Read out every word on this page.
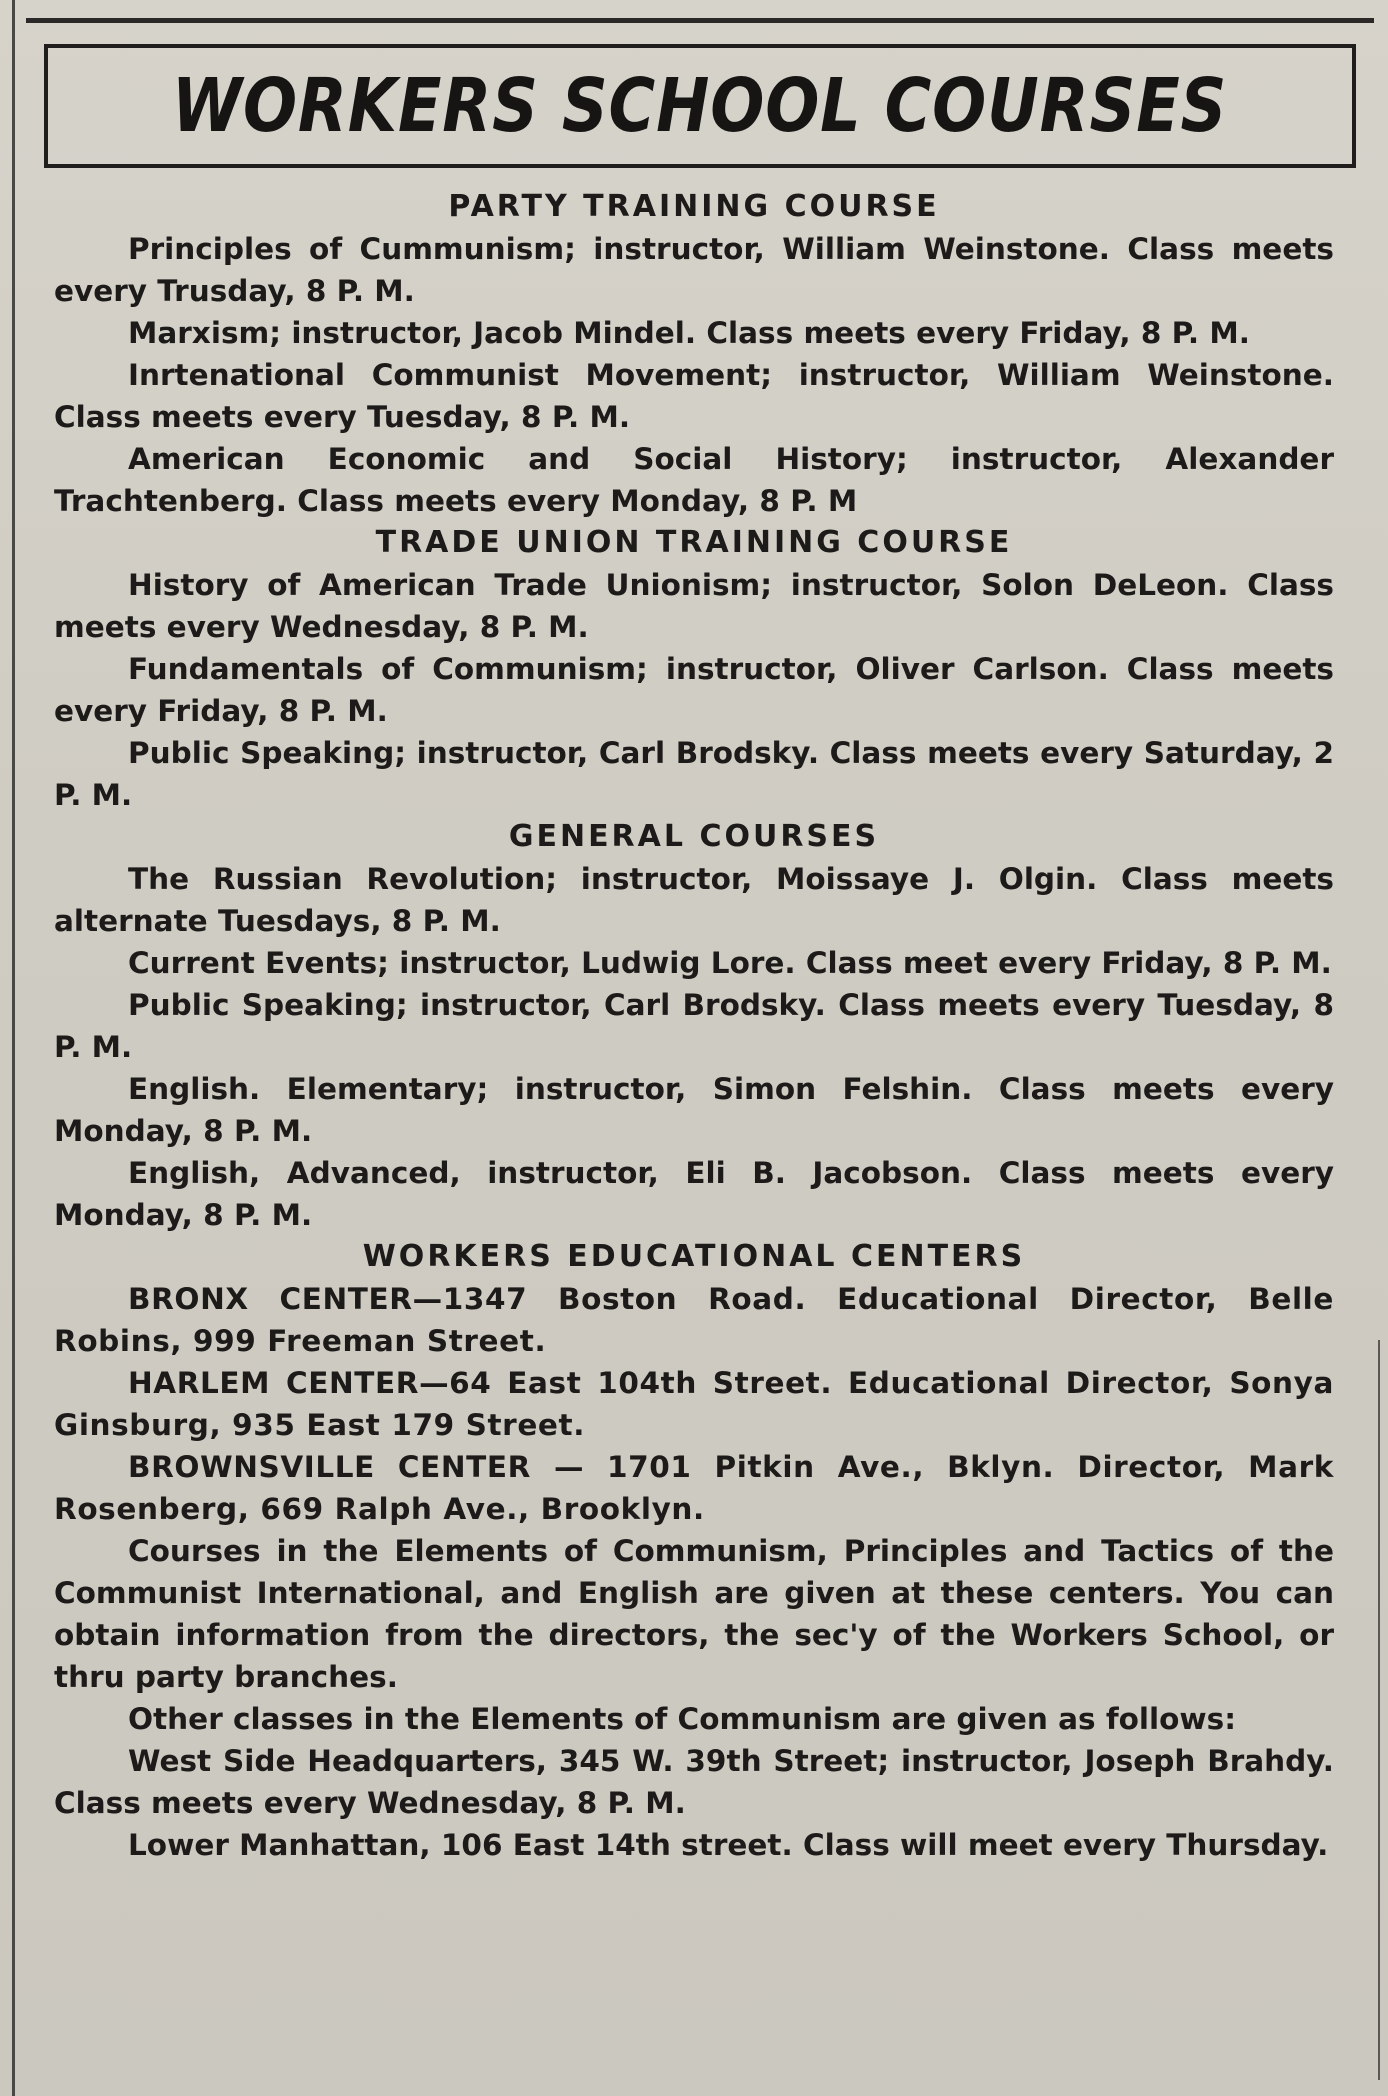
WORKERS SCHOOL COURSES

PARTY TRAINING COURSE

Principles of Cummunism; instructor, William Weinstone. Class meets every Trusday, 8 P. M.

Marxism; instructor, Jacob Mindel. Class meets every Friday, 8 P. M.

Inrtenational Communist Movement; instructor, William Weinstone. Class meets every Tuesday, 8 P. M.

American Economic and Social History; instructor, Alexander Trachtenberg. Class meets every Monday, 8 P. M

TRADE UNION TRAINING COURSE

History of American Trade Unionism; instructor, Solon DeLeon. Class meets every Wednesday, 8 P. M.

Fundamentals of Communism; instructor, Oliver Carlson. Class meets every Friday, 8 P. M.

Public Speaking; instructor, Carl Brodsky. Class meets every Saturday, 2 P. M.

GENERAL COURSES

The Russian Revolution; instructor, Moissaye J. Olgin. Class meets alternate Tuesdays, 8 P. M.

Current Events; instructor, Ludwig Lore. Class meet every Friday, 8 P. M.

Public Speaking; instructor, Carl Brodsky. Class meets every Tuesday, 8 P. M.

English. Elementary; instructor, Simon Felshin. Class meets every Monday, 8 P. M.

English, Advanced, instructor, Eli B. Jacobson. Class meets every Monday, 8 P. M.

WORKERS EDUCATIONAL CENTERS

BRONX CENTER—1347 Boston Road. Educational Director, Belle Robins, 999 Freeman Street.

HARLEM CENTER—64 East 104th Street. Educational Director, Sonya Ginsburg, 935 East 179 Street.

BROWNSVILLE CENTER — 1701 Pitkin Ave., Bklyn. Director, Mark Rosenberg, 669 Ralph Ave., Brooklyn.

Courses in the Elements of Communism, Principles and Tactics of the Communist International, and English are given at these centers. You can obtain information from the directors, the sec'y of the Workers School, or thru party branches.

Other classes in the Elements of Communism are given as follows:

West Side Headquarters, 345 W. 39th Street; instructor, Joseph Brahdy. Class meets every Wednesday, 8 P. M.

Lower Manhattan, 106 East 14th street. Class will meet every Thursday.
